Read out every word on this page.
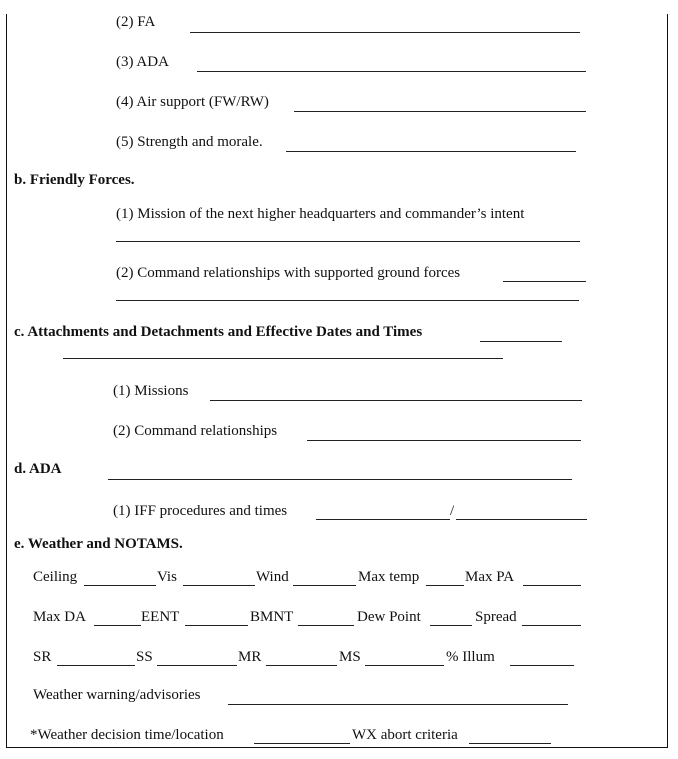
(2) FA
(3) ADA
(4) Air support (FW/RW)
(5) Strength and morale.
b. Friendly Forces.
(1) Mission of the next higher headquarters and commander’s intent
(2) Command relationships with supported ground forces
c. Attachments and Detachments and Effective Dates and Times
(1) Missions
(2) Command relationships
d. ADA
(1) IFF procedures and times	/
e. Weather and NOTAMS.
Ceiling	Vis	Wind	Max temp	Max PA
Max DA	EENT	BMNT	Dew Point	Spread
SR	SS	MR	MS	% Illum
Weather warning/advisories
*Weather decision time/location	WX abort criteria
